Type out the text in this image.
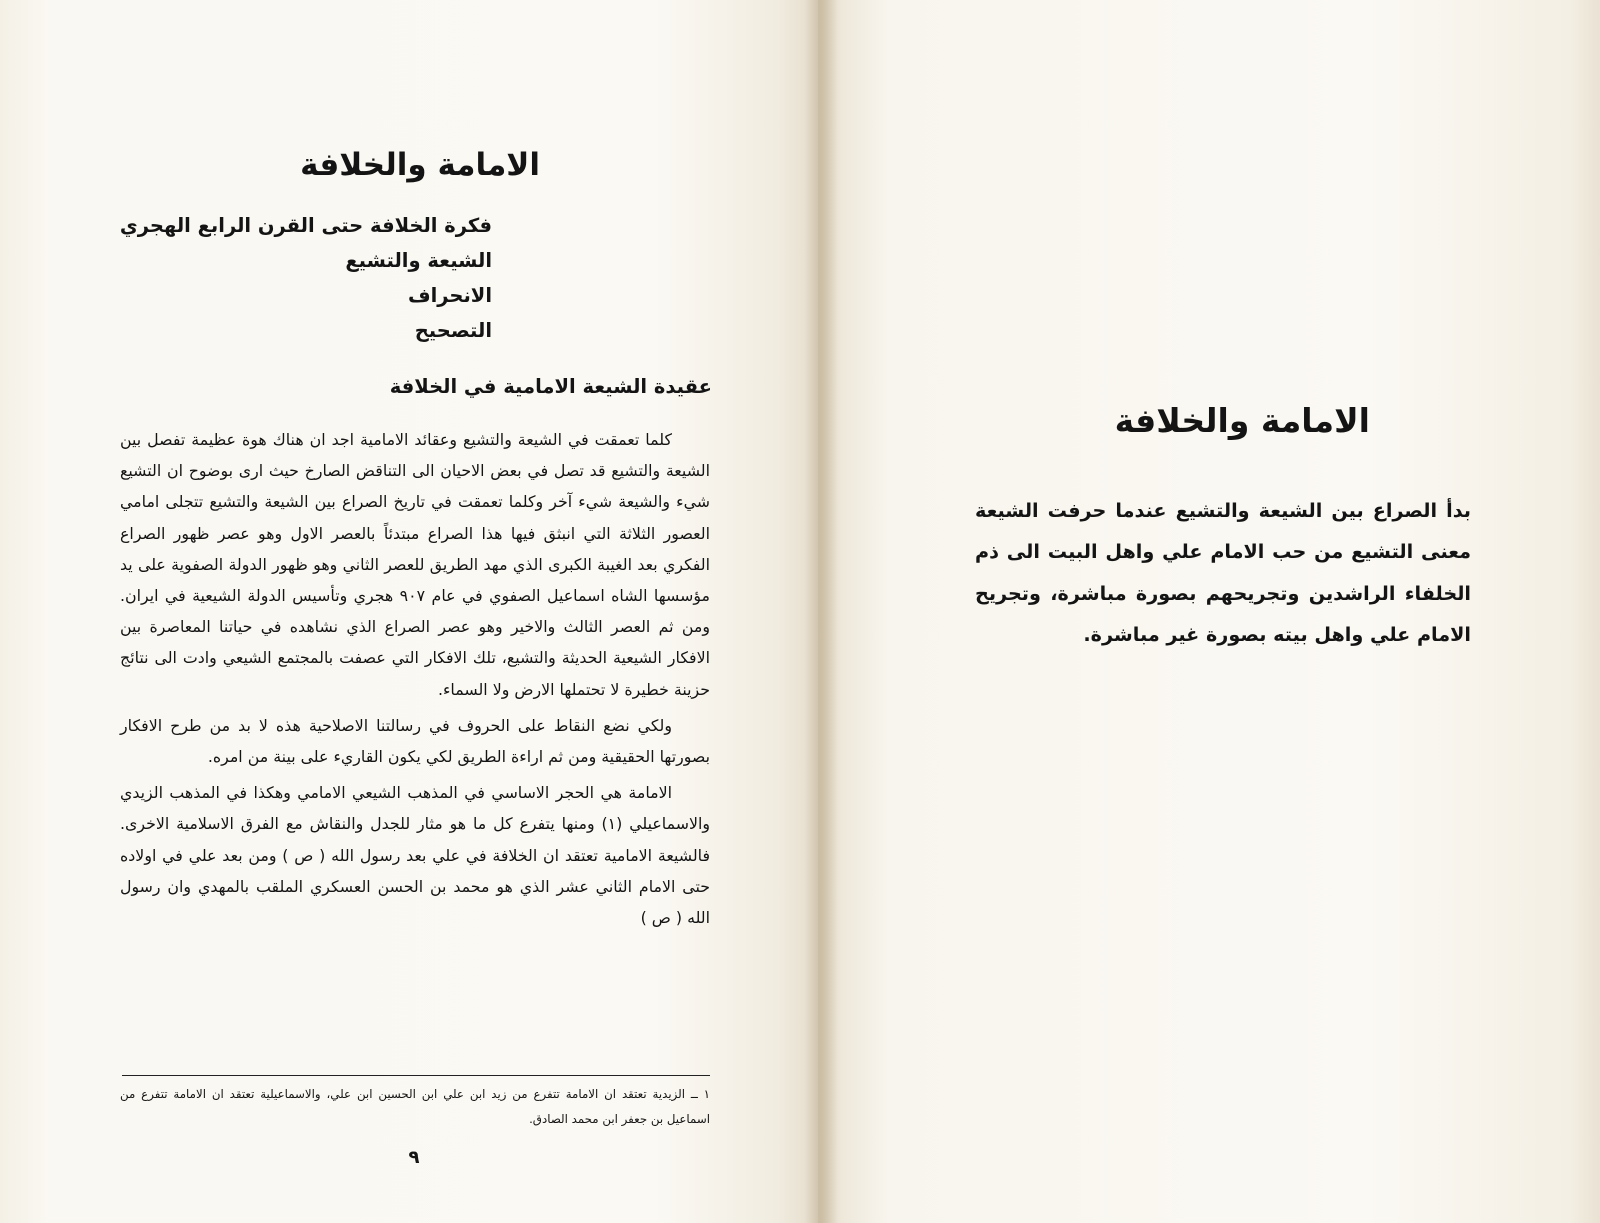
الامامة والخلافة
فكرة الخلافة حتى القرن الرابع الهجري
الشيعة والتشيع
الانحراف
التصحيح
عقيدة الشيعة الامامية في الخلافة

كلما تعمقت في الشيعة والتشيع وعقائد الامامية اجد ان هناك هوة عظيمة تفصل بين الشيعة والتشيع قد تصل في بعض الاحيان الى التناقض الصارخ حيث ارى بوضوح ان التشيع شيء والشيعة شيء آخر وكلما تعمقت في تاريخ الصراع بين الشيعة والتشيع تتجلى امامي العصور الثلاثة التي انبثق فيها هذا الصراع مبتدئاً بالعصر الاول وهو عصر ظهور الصراع الفكري بعد الغيبة الكبرى الذي مهد الطريق للعصر الثاني وهو ظهور الدولة الصفوية على يد مؤسسها الشاه اسماعيل الصفوي في عام ٩٠٧ هجري وتأسيس الدولة الشيعية في ايران. ومن ثم العصر الثالث والاخير وهو عصر الصراع الذي نشاهده في حياتنا المعاصرة بين الافكار الشيعية الحديثة والتشيع، تلك الافكار التي عصفت بالمجتمع الشيعي وادت الى نتائج حزينة خطيرة لا تحتملها الارض ولا السماء.

ولكي نضع النقاط على الحروف في رسالتنا الاصلاحية هذه لا بد من طرح الافكار بصورتها الحقيقية ومن ثم اراءة الطريق لكي يكون القاريء على بينة من امره.

الامامة هي الحجر الاساسي في المذهب الشيعي الامامي وهكذا في المذهب الزيدي والاسماعيلي (١) ومنها يتفرع كل ما هو مثار للجدل والنقاش مع الفرق الاسلامية الاخرى. فالشيعة الامامية تعتقد ان الخلافة في علي بعد رسول الله ( ص ) ومن بعد علي في اولاده حتى الامام الثاني عشر الذي هو محمد بن الحسن العسكري الملقب بالمهدي وان رسول الله ( ص )

١ ــ الزيدية تعتقد ان الامامة تتفرع من زيد ابن علي ابن الحسين ابن علي، والاسماعيلية تعتقد ان الامامة تتفرع من اسماعيل بن جعفر ابن محمد الصادق.
٩
الامامة والخلافة

بدأ الصراع بين الشيعة والتشيع عندما حرفت الشيعة معنى التشيع من حب الامام علي واهل البيت الى ذم الخلفاء الراشدين وتجريحهم بصورة مباشرة، وتجريح الامام علي واهل بيته بصورة غير مباشرة.
